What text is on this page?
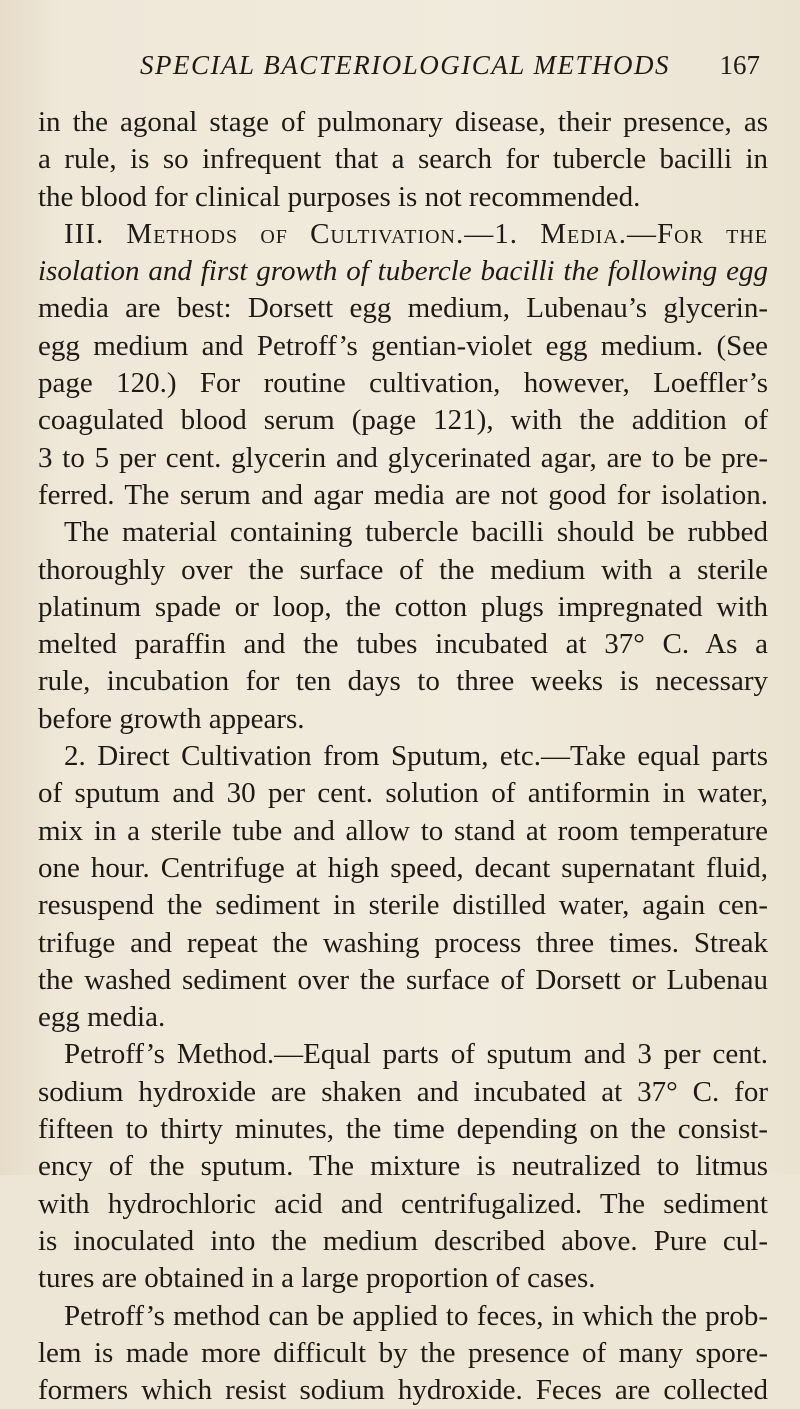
SPECIAL BACTERIOLOGICAL METHODS 167
in the agonal stage of pulmonary disease, their presence, as
a rule, is so infrequent that a search for tubercle bacilli in
the blood for clinical purposes is not recommended.
III. Methods of Cultivation.—1. Media.—For the
isolation and first growth of tubercle bacilli the following egg
media are best: Dorsett egg medium, Lubenau’s glycerin-
egg medium and Petroff’s gentian-violet egg medium. (See
page 120.) For routine cultivation, however, Loeffler’s
coagulated blood serum (page 121), with the addition of
3 to 5 per cent. glycerin and glycerinated agar, are to be pre-
ferred. The serum and agar media are not good for isolation.
The material containing tubercle bacilli should be rubbed
thoroughly over the surface of the medium with a sterile
platinum spade or loop, the cotton plugs impregnated with
melted paraffin and the tubes incubated at 37° C. As a
rule, incubation for ten days to three weeks is necessary
before growth appears.
2. Direct Cultivation from Sputum, etc.—Take equal parts
of sputum and 30 per cent. solution of antiformin in water,
mix in a sterile tube and allow to stand at room temperature
one hour. Centrifuge at high speed, decant supernatant fluid,
resuspend the sediment in sterile distilled water, again cen-
trifuge and repeat the washing process three times. Streak
the washed sediment over the surface of Dorsett or Lubenau
egg media.
Petroff’s Method.—Equal parts of sputum and 3 per cent.
sodium hydroxide are shaken and incubated at 37° C. for
fifteen to thirty minutes, the time depending on the consist-
ency of the sputum. The mixture is neutralized to litmus
with hydrochloric acid and centrifugalized. The sediment
is inoculated into the medium described above. Pure cul-
tures are obtained in a large proportion of cases.
Petroff’s method can be applied to feces, in which the prob-
lem is made more difficult by the presence of many spore-
formers which resist sodium hydroxide. Feces are collected
